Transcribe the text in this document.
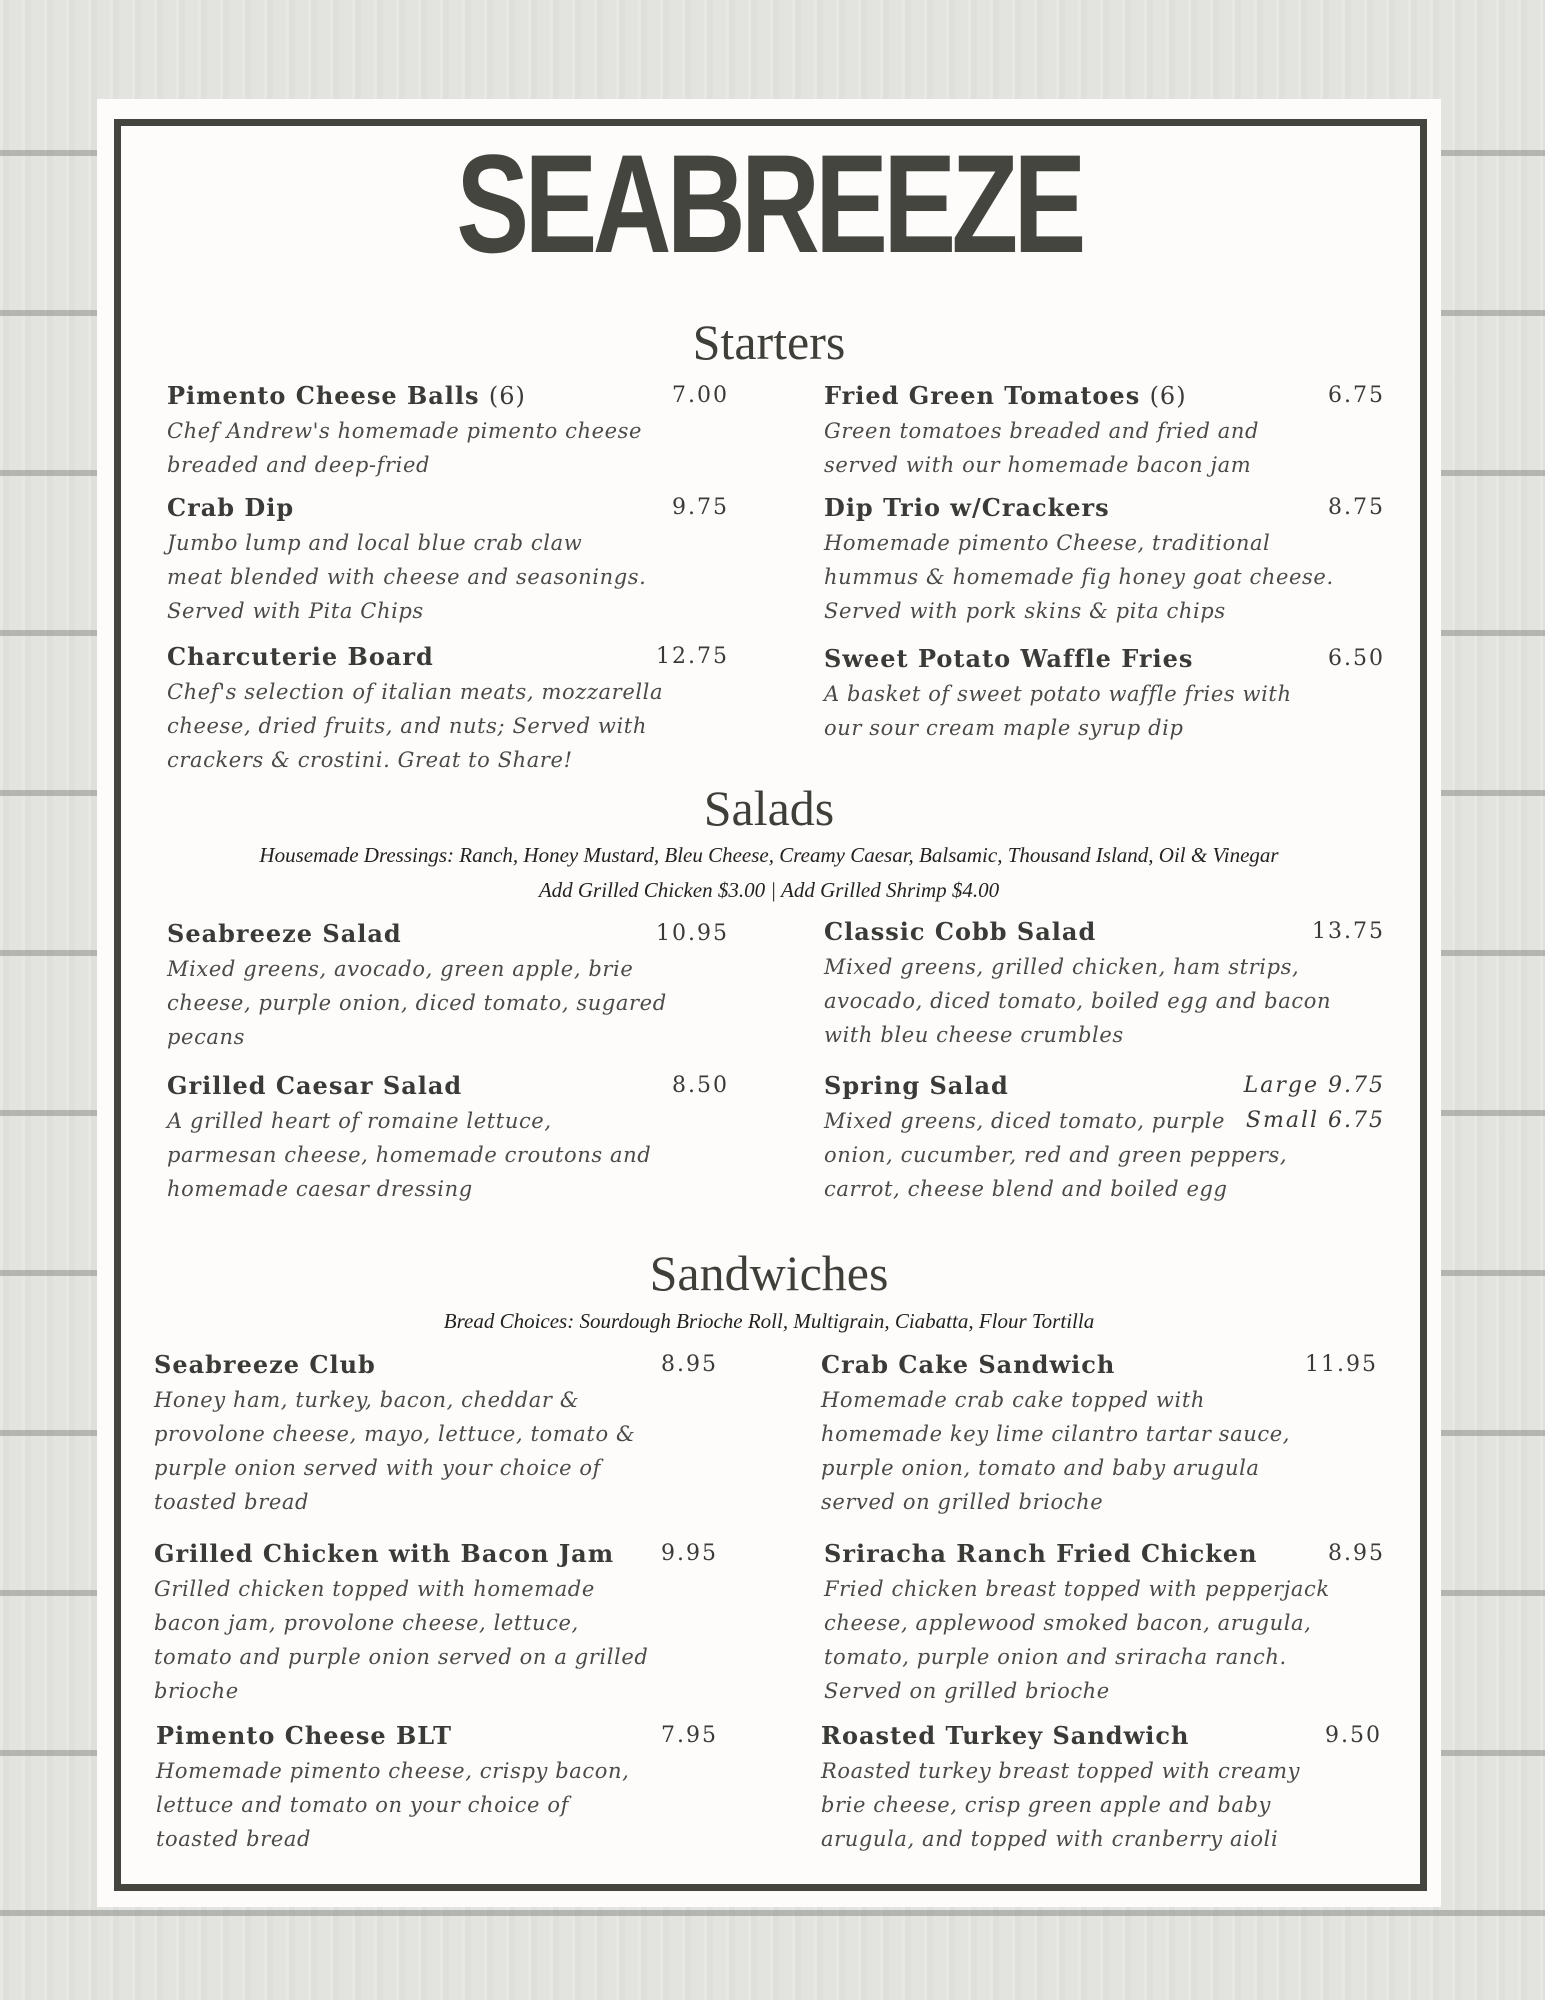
SEABREEZE
Starters
Pimento Cheese Balls (6)
Chef Andrew's homemade pimento cheese
breaded and deep-fried
7.00	Fried Green Tomatoes (6)
Green tomatoes breaded and fried and
served with our homemade bacon jam
6.75
Crab Dip
Jumbo lump and local blue crab claw
meat blended with cheese and seasonings.
Served with Pita Chips
9.75	Dip Trio w/Crackers
Homemade pimento Cheese, traditional
hummus & homemade fig honey goat cheese.
Served with pork skins & pita chips
8.75
Charcuterie Board
Chef's selection of italian meats, mozzarella
cheese, dried fruits, and nuts; Served with
crackers & crostini. Great to Share!
12.75	Sweet Potato Waffle Fries
A basket of sweet potato waffle fries with
our sour cream maple syrup dip
6.50
Salads
Housemade Dressings: Ranch, Honey Mustard, Bleu Cheese, Creamy Caesar, Balsamic, Thousand Island, Oil & Vinegar
Add Grilled Chicken $3.00 | Add Grilled Shrimp $4.00
Seabreeze Salad
Mixed greens, avocado, green apple, brie
cheese, purple onion, diced tomato, sugared
pecans
10.95	Classic Cobb Salad
Mixed greens, grilled chicken, ham strips,
avocado, diced tomato, boiled egg and bacon
with bleu cheese crumbles
13.75
Grilled Caesar Salad
A grilled heart of romaine lettuce,
parmesan cheese, homemade croutons and
homemade caesar dressing
8.50	Spring Salad
Mixed greens, diced tomato, purple
onion, cucumber, red and green peppers,
carrot, cheese blend and boiled egg
Large 9.75
Small 6.75
Sandwiches
Bread Choices: Sourdough Brioche Roll, Multigrain, Ciabatta, Flour Tortilla
Seabreeze Club
Honey ham, turkey, bacon, cheddar &
provolone cheese, mayo, lettuce, tomato &
purple onion served with your choice of
toasted bread
8.95	Crab Cake Sandwich
Homemade crab cake topped with
homemade key lime cilantro tartar sauce,
purple onion, tomato and baby arugula
served on grilled brioche
11.95
Grilled Chicken with Bacon Jam
Grilled chicken topped with homemade
bacon jam, provolone cheese, lettuce,
tomato and purple onion served on a grilled
brioche
9.95	Sriracha Ranch Fried Chicken
Fried chicken breast topped with pepperjack
cheese, applewood smoked bacon, arugula,
tomato, purple onion and sriracha ranch.
Served on grilled brioche
8.95
Pimento Cheese BLT
Homemade pimento cheese, crispy bacon,
lettuce and tomato on your choice of
toasted bread
7.95	Roasted Turkey Sandwich
Roasted turkey breast topped with creamy
brie cheese, crisp green apple and baby
arugula, and topped with cranberry aioli
9.50
